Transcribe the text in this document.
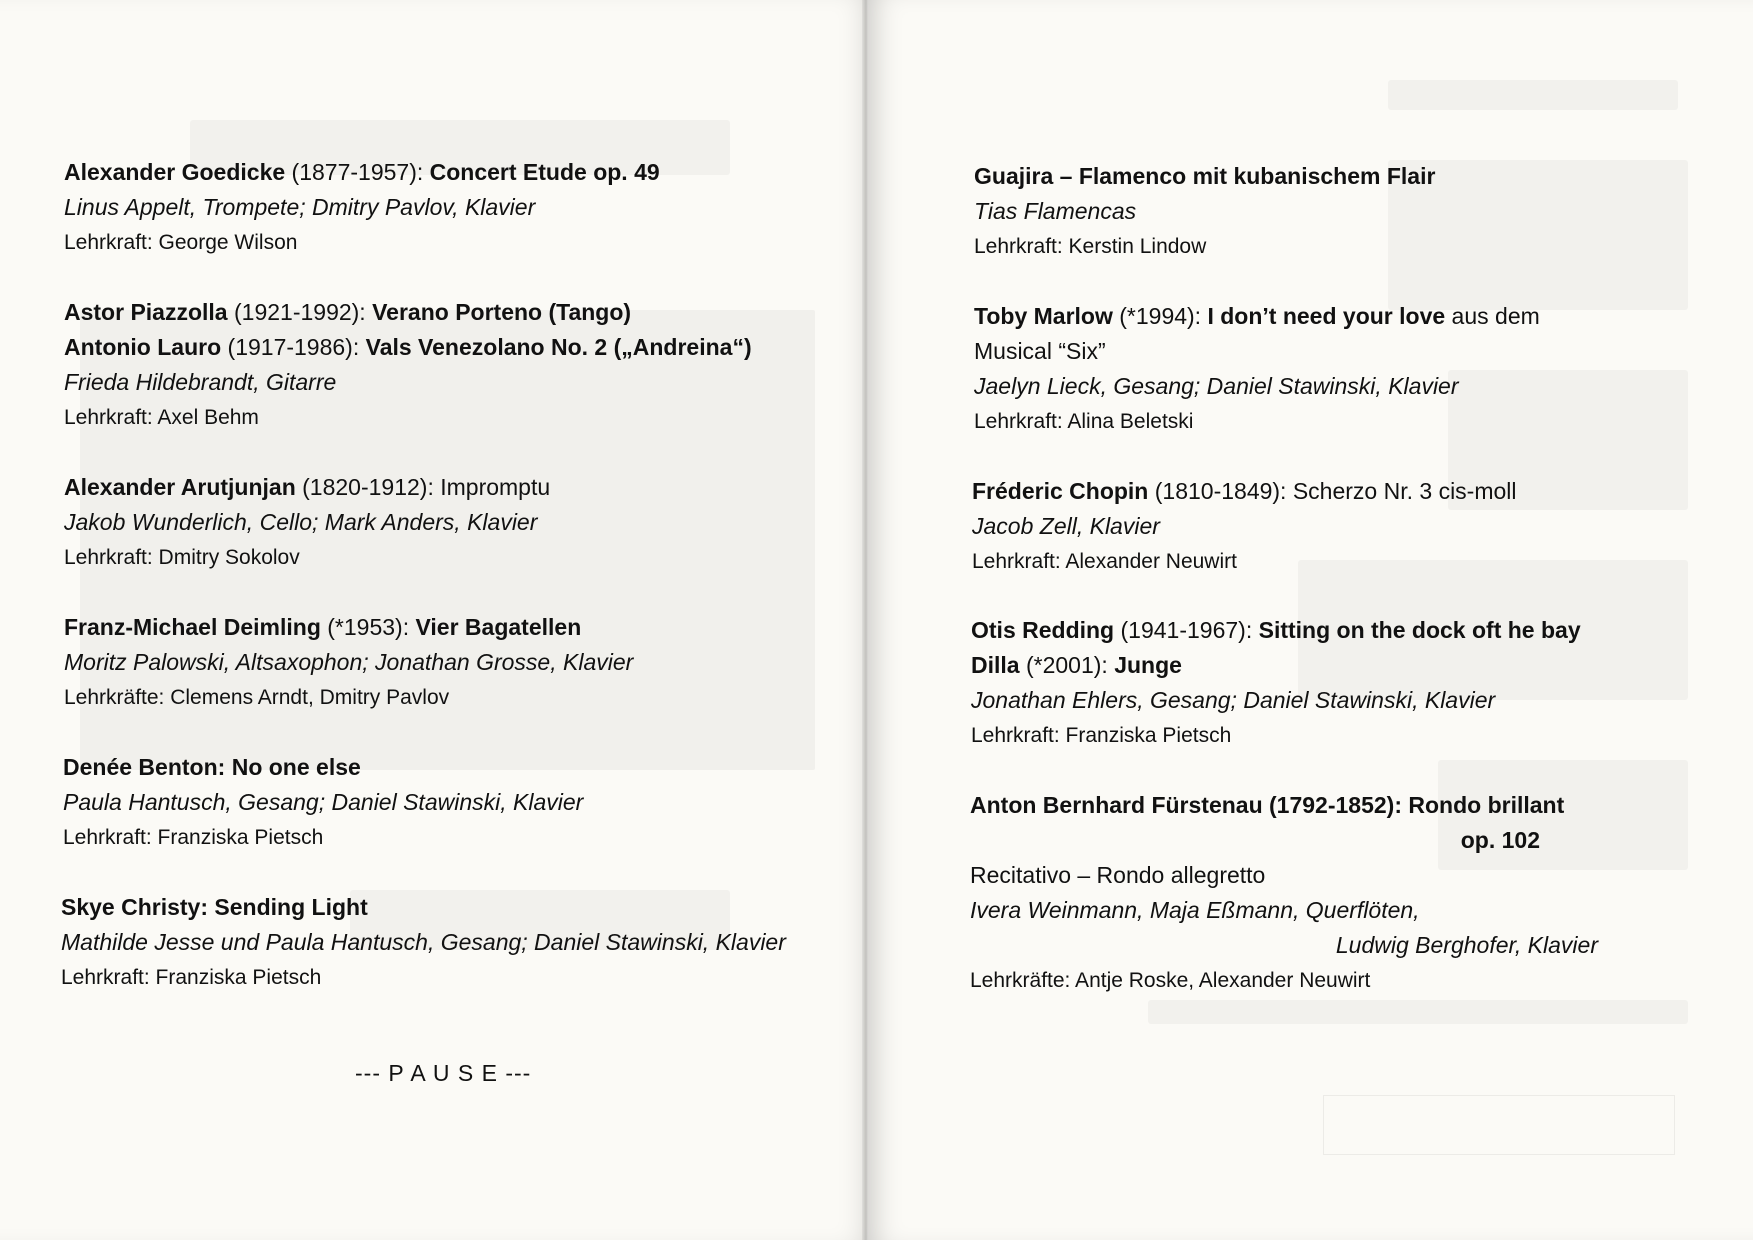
Alexander Goedicke (1877-1957): Concert Etude op. 49
Linus Appelt, Trompete; Dmitry Pavlov, Klavier
Lehrkraft: George Wilson
Astor Piazzolla (1921-1992): Verano Porteno (Tango)
Antonio Lauro (1917-1986): Vals Venezolano No. 2 („Andreina“)
Frieda Hildebrandt, Gitarre
Lehrkraft: Axel Behm
Alexander Arutjunjan (1820-1912): Impromptu
Jakob Wunderlich, Cello; Mark Anders, Klavier
Lehrkraft: Dmitry Sokolov
Franz-Michael Deimling (*1953): Vier Bagatellen
Moritz Palowski, Altsaxophon; Jonathan Grosse, Klavier
Lehrkräfte: Clemens Arndt, Dmitry Pavlov
Denée Benton: No one else
Paula Hantusch, Gesang; Daniel Stawinski, Klavier
Lehrkraft: Franziska Pietsch
Skye Christy: Sending Light
Mathilde Jesse und Paula Hantusch, Gesang; Daniel Stawinski, Klavier
Lehrkraft: Franziska Pietsch
--- P A U S E ---
Guajira – Flamenco mit kubanischem Flair
Tias Flamencas
Lehrkraft: Kerstin Lindow
Toby Marlow (*1994): I don’t need your love aus dem
Musical “Six”
Jaelyn Lieck, Gesang; Daniel Stawinski, Klavier
Lehrkraft: Alina Beletski
Fréderic Chopin (1810-1849): Scherzo Nr. 3 cis-moll
Jacob Zell, Klavier
Lehrkraft: Alexander Neuwirt
Otis Redding (1941-1967): Sitting on the dock oft he bay
Dilla (*2001): Junge
Jonathan Ehlers, Gesang; Daniel Stawinski, Klavier
Lehrkraft: Franziska Pietsch
Anton Bernhard Fürstenau (1792-1852): Rondo brillant
op. 102
Recitativo – Rondo allegretto
Ivera Weinmann, Maja Eßmann, Querflöten,
Ludwig Berghofer, Klavier
Lehrkräfte: Antje Roske, Alexander Neuwirt
